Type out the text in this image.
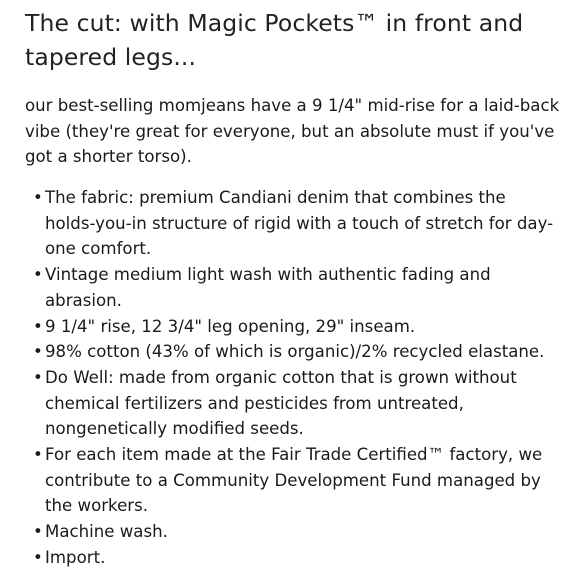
The cut: with Magic Pockets™ in front and tapered legs...

our best-selling momjeans have a 9 1/4" mid-rise for a laid-back vibe (they're great for everyone, but an absolute must if you've got a shorter torso).

• The fabric: premium Candiani denim that combines the holds-you-in structure of rigid with a touch of stretch for day-one comfort.
• Vintage medium light wash with authentic fading and abrasion.
• 9 1/4" rise, 12 3/4" leg opening, 29" inseam.
• 98% cotton (43% of which is organic)/2% recycled elastane.
• Do Well: made from organic cotton that is grown without chemical fertilizers and pesticides from untreated, nongenetically modified seeds.
• For each item made at the Fair Trade Certified™ factory, we contribute to a Community Development Fund managed by the workers.
• Machine wash.
• Import.
